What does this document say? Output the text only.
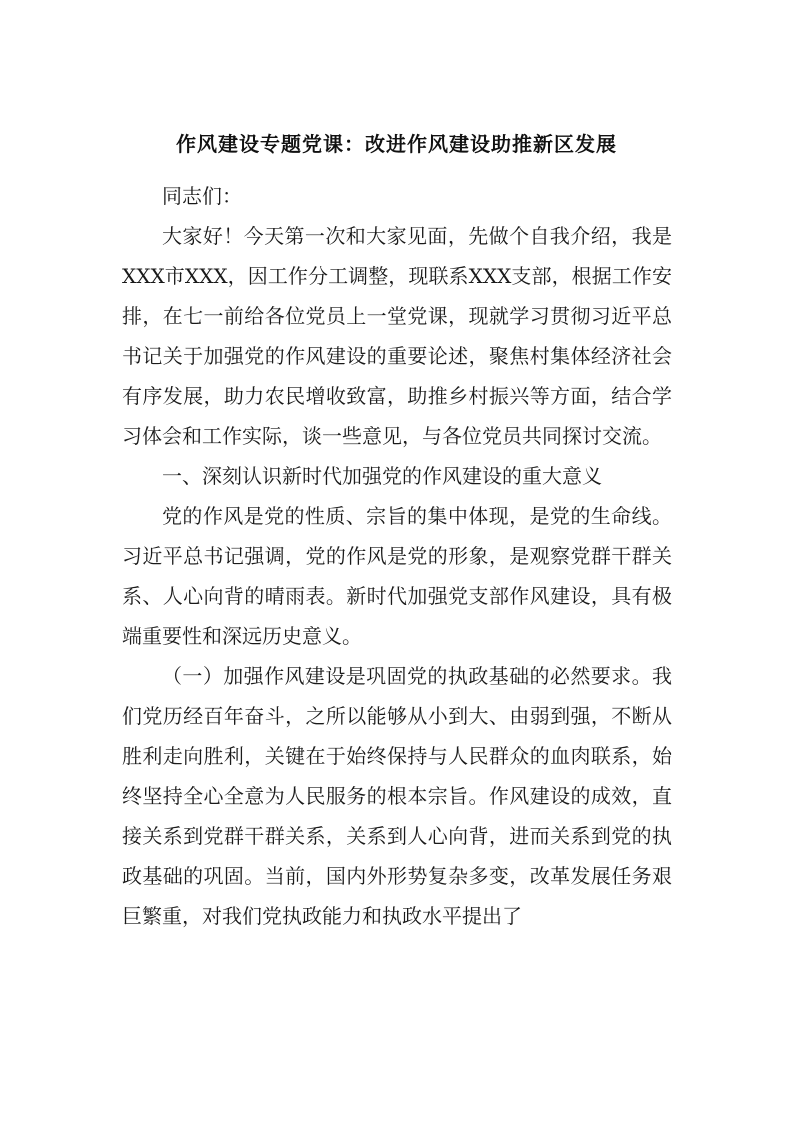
作风建设专题党课：改进作风建设助推新区发展

同志们：

大家好！今天第一次和大家见面，先做个自我介绍，我是XXX市XXX，因工作分工调整，现联系XXX支部，根据工作安排，在七一前给各位党员上一堂党课，现就学习贯彻习近平总书记关于加强党的作风建设的重要论述，聚焦村集体经济社会有序发展，助力农民增收致富，助推乡村振兴等方面，结合学习体会和工作实际，谈一些意见，与各位党员共同探讨交流。

一、深刻认识新时代加强党的作风建设的重大意义

党的作风是党的性质、宗旨的集中体现，是党的生命线。习近平总书记强调，党的作风是党的形象，是观察党群干群关系、人心向背的晴雨表。新时代加强党支部作风建设，具有极端重要性和深远历史意义。

（一）加强作风建设是巩固党的执政基础的必然要求。我们党历经百年奋斗，之所以能够从小到大、由弱到强，不断从胜利走向胜利，关键在于始终保持与人民群众的血肉联系，始终坚持全心全意为人民服务的根本宗旨。作风建设的成效，直接关系到党群干群关系，关系到人心向背，进而关系到党的执政基础的巩固。当前，国内外形势复杂多变，改革发展任务艰巨繁重，对我们党执政能力和执政水平提出了
